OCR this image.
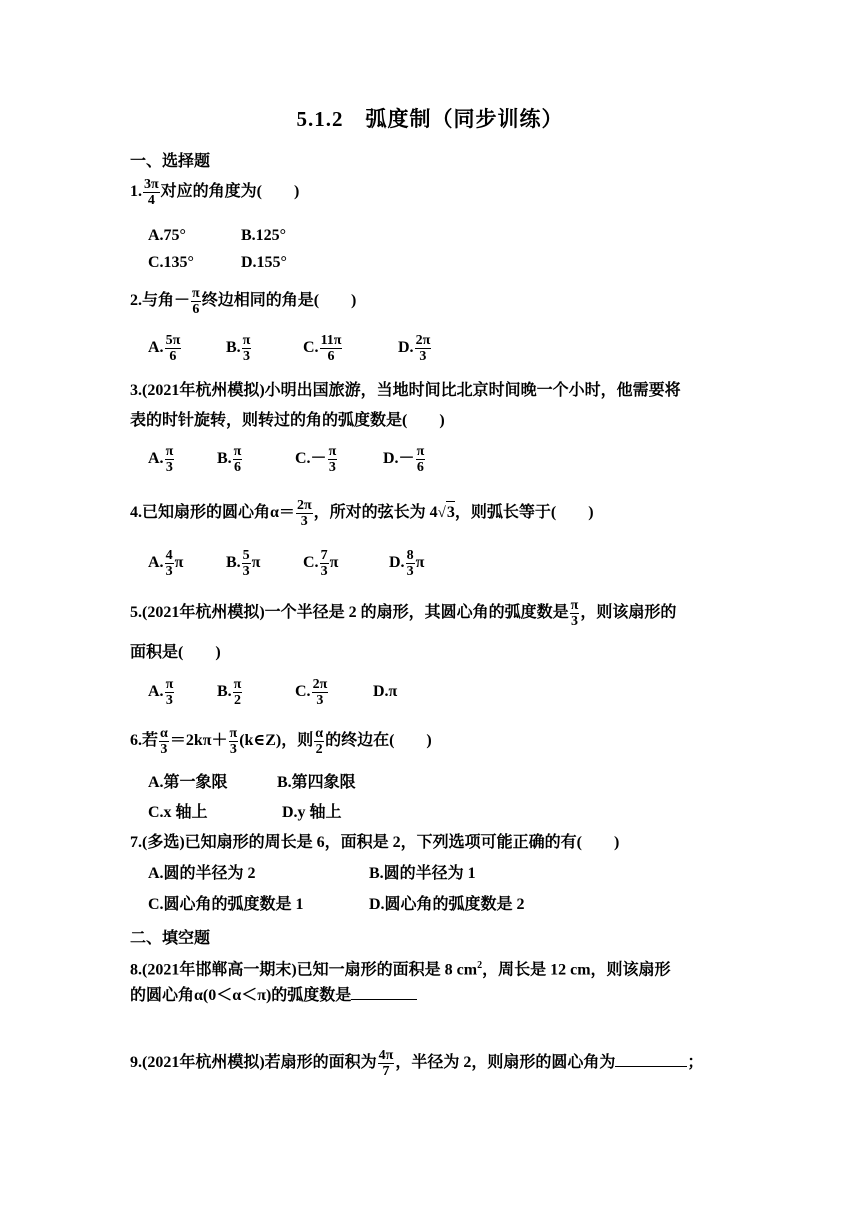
5.1.2　弧度制（同步训练）
一、选择题
1. $\frac{3\pi}{4}$ 对应的角度为(　　)
A.75°	B.125°
C.135°	D.155°
2.与角－ $\frac{\pi}{6}$ 终边相同的角是(　　)
A. $\frac{5\pi}{6}$	B. $\frac{\pi}{3}$	C. $\frac{11\pi}{6}$	D. $\frac{2\pi}{3}$
3.(2021年杭州模拟)小明出国旅游，当地时间比北京时间晚一个小时，他需要将
表的时针旋转，则转过的角的弧度数是(　　)
A. $\frac{\pi}{3}$	B. $\frac{\pi}{6}$	$C.- \frac{\pi}{3}$	$D.- \frac{\pi}{6}$
4.已知扇形的圆心角$\alpha= \frac{2\pi}{3}$ ，所对的弦长为 4√3，则弧长等于(　　)
A. $\frac{4}{3}$ π	B. $\frac{5}{3}$ π	C. $\frac{7}{3}$ π	D. $\frac{8}{3}$ π
5.(2021年杭州模拟)一个半径是 2 的扇形，其圆心角的弧度数是 $\frac{\pi}{3}$ ，则该扇形的
面积是(　　)
A. $\frac{\pi}{3}$	B. $\frac{\pi}{2}$	C. $\frac{2\pi}{3}$	D.π
6.若 $\frac{\alpha}{3} =2k\pi+ \frac{\pi}{3}$ (k∈Z)，则 $\frac{\alpha}{2}$ 的终边在(　　)
A.第一象限	B.第四象限
C.x 轴上	D.y 轴上
7.(多选)已知扇形的周长是 6，面积是 2，下列选项可能正确的有(　　)
A.圆的半径为 2	B.圆的半径为 1
C.圆心角的弧度数是 1	D.圆心角的弧度数是 2
二、填空题
8.(2021年邯郸高一期末)已知一扇形的面积是 8 $cm^2$，周长是 12 cm，则该扇形
的圆心角α(0＜α＜π)的弧度数是
9.(2021年杭州模拟)若扇形的面积为 $\frac{4\pi}{7}$ ，半径为 2，则扇形的圆心角为	；
